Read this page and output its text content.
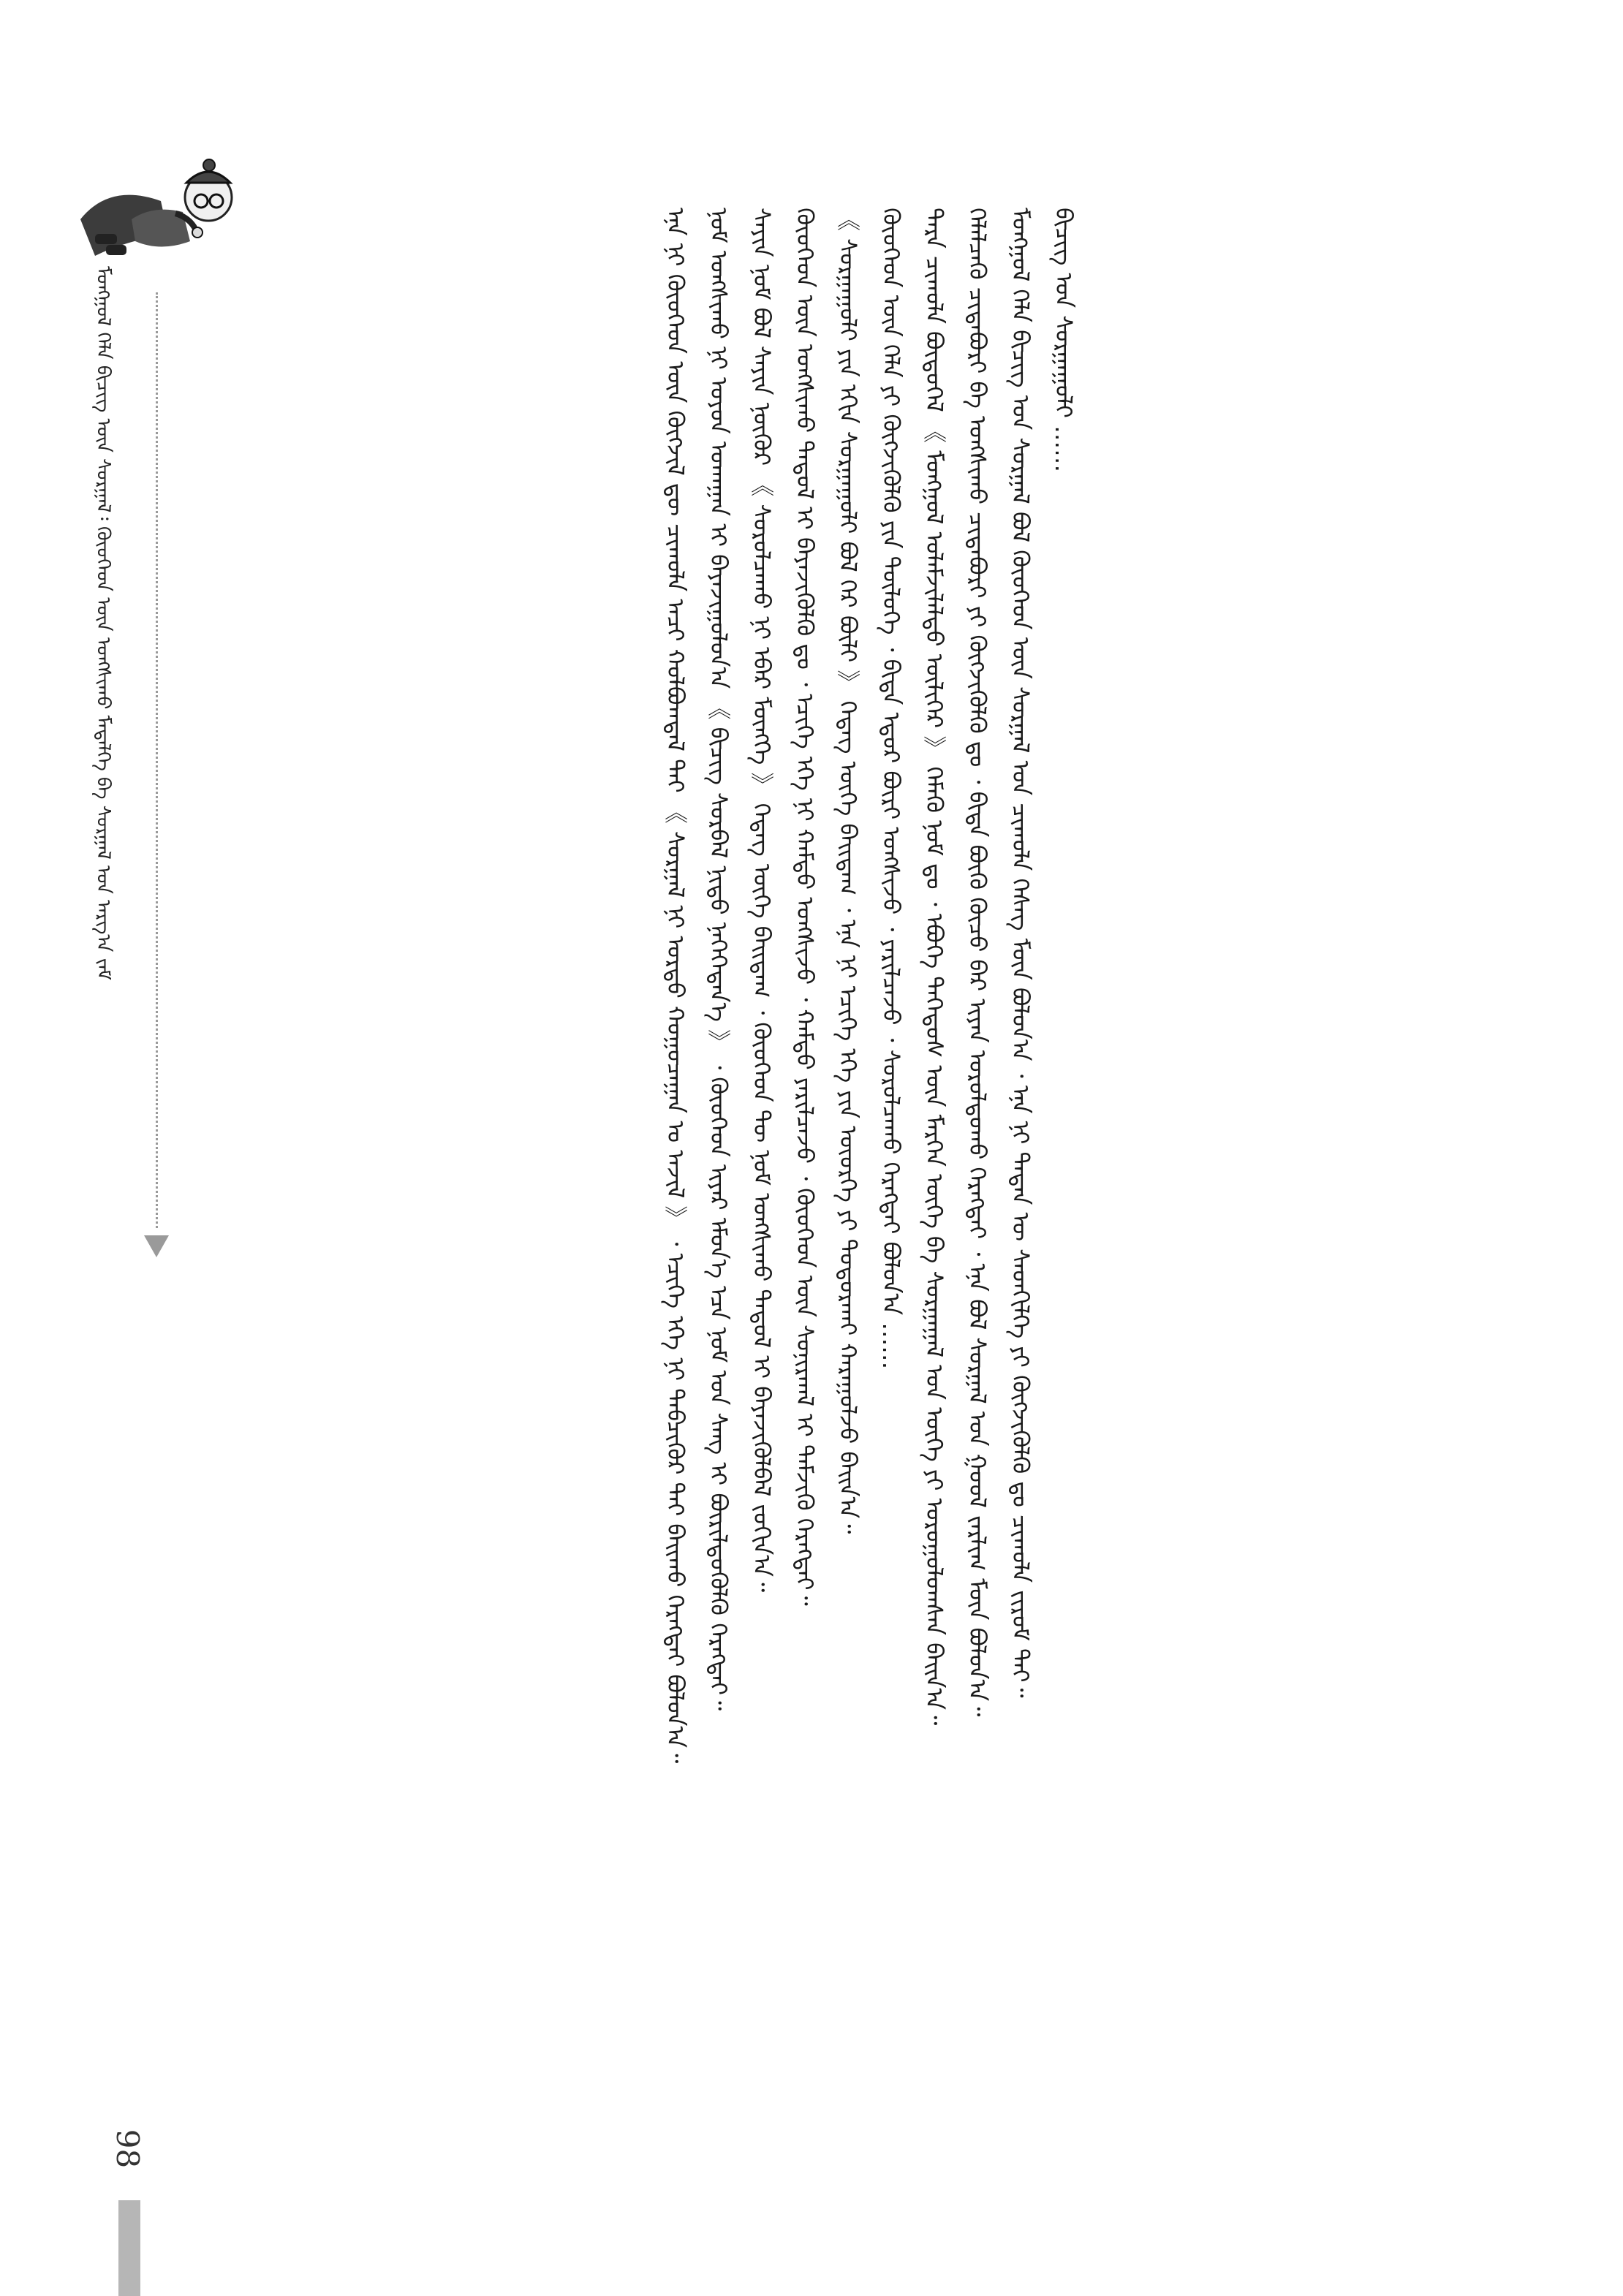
ᠮᠣᠩᠭᠣᠯ ᠬᠡᠯᠡ ᠪᠢᠴᠢᠭ᠌ ᠦᠨ ᠰᠤᠷᠭᠠᠯ᠄ ᠬᠦᠦᠬᠡᠳ ᠦᠨ ᠤᠩᠰᠢᠬᠤ ᠮᠡᠳᠡᠯᠭᠡ ᠪᠠ ᠰᠤᠷᠭᠠᠯ ᠤᠨ ᠠᠷᠭ᠎ᠠ ᠵᠠᠮ	ᠪᠢᠴᠢᠭ᠌ ᠤᠨ ᠰᠤᠷᠭᠠᠭᠤᠯᠢ ……
ᠮᠣᠩᠭᠣᠯ ᠬᠡᠯᠡ ᠪᠢᠴᠢᠭ᠌ ᠤᠨ ᠰᠤᠷᠭᠠᠯ ᠪᠣᠯ ᠬᠦᠦᠬᠡᠳ ᠦᠨ ᠰᠤᠷᠭᠠᠯ ᠤᠨ ᠴᠢᠬᠤᠯᠠ ᠬᠡᠰᠡᠭ ᠮᠥᠨ ᠪᠣᠯᠤᠨ᠎ᠠ ᠂ ᠡᠨᠡ ᠨᠢ ᠲᠡᠳᠡᠨ ᠦ ᠰᠡᠳᠬᠢᠯᠭᠡ ᠶᠢ ᠬᠥᠭᠵᠢᠭᠦᠯᠬᠦ ᠳᠤ ᠴᠢᠬᠤᠯᠠ ᠵᠢᠷᠤᠮ ᠲᠠᠢ᠃
ᠬᠡᠯᠡᠯᠴᠡᠬᠦ ᠴᠢᠳᠠᠪᠤᠷᠢ ᠪᠠ ᠤᠩᠰᠢᠬᠤ ᠴᠢᠳᠠᠪᠤᠷᠢ ᠶᠢ ᠬᠥᠭᠵᠢᠭᠦᠯᠬᠦ ᠳᠤ ᠂ ᠪᠢᠳᠡ ᠪᠦᠬᠦ ᠬᠦᠴᠦ ᠪᠡᠷ ᠢᠶᠡᠨ ᠣᠷᠣᠯᠳᠣᠬᠤ ᠬᠡᠷᠡᠭᠲᠡᠢ ᠂ ᠡᠨᠡ ᠪᠣᠯ ᠰᠤᠷᠭᠠᠯ ᠤᠨ ᠭᠣᠣᠯ ᠵᠠᠷᠯᠢᠭ ᠮᠥᠨ ᠪᠣᠯᠤᠨ᠎ᠠ᠃
ᠲᠡᠷᠡ ᠴᠢᠬᠤᠯᠠ ᠪᠦᠲᠦᠭᠡᠯ 《 ᠮᠣᠩᠭᠣᠯ ᠤᠯᠠᠮᠵᠢᠯᠠᠯᠲᠤ ᠦᠯᠢᠭᠡᠷ 》 ᠬᠡᠮᠡᠬᠦ ᠨᠣᠮ ᠳᠤ ᠂ ᠡᠪᠦᠭᠡ ᠳᠡᠭᠡᠳᠦᠰ ᠦᠨ ᠮᠡᠷᠭᠡᠨ ᠦᠭᠡ ᠪᠠ ᠰᠤᠷᠭᠠᠭᠠᠯ ᠤᠨ ᠦᠭᠡ ᠶᠢ ᠣᠷᠣᠭᠤᠯᠤᠭᠰᠠᠨ ᠪᠠᠢᠨ᠎ᠠ᠃
ᠬᠦᠦᠬᠡᠳ ᠦᠨ ᠬᠡᠯᠡ ᠶᠢ ᠬᠥᠭᠵᠢᠭᠦᠯᠬᠦ ᠶᠢᠨ ᠲᠥᠯᠦᠭᠡ ᠂ ᠪᠢᠳᠡ ᠡᠳᠦᠷ ᠪᠦᠷᠢ ᠣᠩᠰᠢᠵᠤ ᠂ ᠶᠠᠷᠢᠯᠴᠠᠵᠤ ᠂ ᠰᠤᠷᠤᠯᠴᠠᠬᠤ ᠬᠡᠷᠡᠭᠲᠡᠢ ᠪᠣᠯᠤᠨ᠎ᠠ ……
《 ᠰᠤᠷᠭᠠᠭᠤᠯᠢ ᠶᠢᠨ ᠡᠬᠢᠨ ᠰᠤᠷᠭᠠᠭᠤᠯᠢ ᠪᠣᠯ ᠭᠡᠷ ᠪᠦᠯᠢ 》 ᠭᠡᠳᠡᠭ ᠦᠭᠡ ᠪᠠᠢᠳᠠᠭ ᠂ ᠡᠨᠡ ᠨᠢ ᠡᠴᠢᠭᠡ ᠡᠬᠡ ᠶᠢᠨ ᠦᠦᠷᠭᠡ ᠶᠢ ᠲᠣᠳᠣᠷᠬᠠᠢ ᠬᠠᠷᠠᠭᠤᠯᠵᠤ ᠪᠠᠢᠨ᠎ᠠ᠃
ᠬᠦᠦᠬᠡᠳ ᠦᠨ ᠤᠩᠰᠢᠬᠤ ᠳᠠᠳᠤᠯ ᠢ ᠪᠡᠶᠡᠵᠢᠭᠦᠯᠬᠦ ᠳᠤ ᠂ ᠡᠴᠢᠭᠡ ᠡᠬᠡ ᠨᠢ ᠬᠠᠮᠲᠤ ᠤᠩᠰᠢᠵᠤ ᠂ ᠬᠠᠮᠲᠤ ᠶᠠᠷᠢᠯᠴᠠᠵᠤ ᠂ ᠬᠦᠦᠬᠡᠳ ᠦᠨ ᠰᠣᠨᠢᠷᠬᠠᠯ ᠢ ᠳᠡᠮᠵᠢᠬᠦ ᠬᠡᠷᠡᠭᠲᠡᠢ᠃
ᠰᠠᠶᠢᠨ ᠨᠣᠮ ᠪᠣᠯ ᠰᠠᠶᠢᠨ ᠨᠥᠬᠦᠷ 《 ᠰᠤᠷᠤᠯᠴᠠᠬᠤ ᠨᠢ ᠡᠪᠡᠷ ᠮᠥᠩᠭᠡ 》 ᠭᠡᠳᠡᠭ ᠦᠭᠡ ᠪᠠᠢᠳᠠᠭ ᠂ ᠬᠦᠦᠬᠡᠳ ᠲᠦ ᠨᠣᠮ ᠤᠩᠰᠢᠬᠤ ᠳᠠᠳᠤᠯ ᠢ ᠪᠡᠶᠡᠵᠢᠭᠦᠯᠪᠡᠯ ᠵᠣᠬᠢᠨ᠎ᠠ᠃
ᠨᠣᠮ ᠤᠩᠰᠢᠬᠤ ᠨᠢ ᠤᠶᠤᠨ ᠤᠬᠠᠭᠠᠨ ᠢ ᠪᠠᠶᠠᠵᠢᠭᠤᠯᠤᠨ᠎ᠠ 《 ᠪᠢᠴᠢᠭ᠌ ᠰᠤᠷᠪᠠᠯ ᠨᠢᠳᠦ ᠨᠡᠭᠡᠭᠡᠳᠡᠨ᠎ᠡ 》 ᠂ ᠬᠦᠦᠬᠡᠳ ᠢᠶᠡᠷ ᠡᠮᠦᠨ᠎ᠡ ᠡᠴᠡ ᠨᠣᠮ ᠤᠨ ᠰᠠᠩ ᠢ ᠪᠦᠷᠢᠯᠳᠦᠭᠦᠯᠬᠦ ᠬᠡᠷᠡᠭᠲᠡᠢ᠃
ᠡᠨᠡ ᠨᠢ ᠬᠦᠦᠬᠡᠳ ᠦᠨ ᠬᠥᠭᠵᠢᠯ ᠳᠦ ᠴᠢᠬᠤᠯᠠ ᠠᠴᠢ ᠬᠣᠯᠪᠣᠭᠳᠠᠯ ᠲᠠᠢ 《 ᠰᠤᠷᠭᠠᠯ ᠨᠢ ᠤᠷᠲᠤ ᠬᠤᠭᠤᠴᠠᠭᠠᠨ ᠤ ᠠᠵᠢᠯ 》 ᠂ ᠡᠴᠢᠭᠡ ᠡᠬᠡ ᠨᠢ ᠲᠡᠪᠴᠢᠭᠦᠷ ᠲᠡᠢ ᠪᠠᠢᠬᠤ ᠬᠡᠷᠡᠭᠲᠡᠢ ᠪᠣᠯᠤᠨ᠎ᠠ᠃
98
